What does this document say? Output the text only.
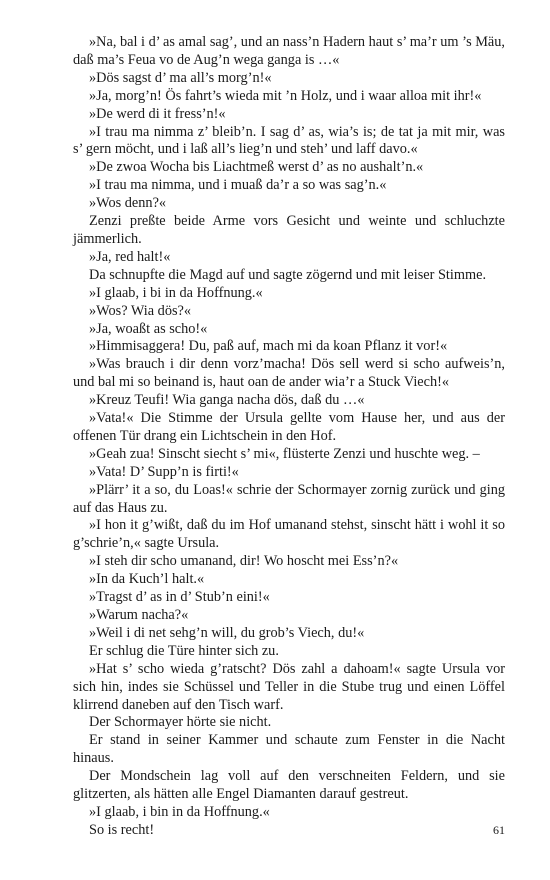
»Na, bal i d’ as amal sag’, und an nass’n Hadern haut s’ ma’r um ’s Mäu, daß ma’s Feua vo de Aug’n wega ganga is …«

»Dös sagst d’ ma all’s morg’n!«

»Ja, morg’n! Ös fahrt’s wieda mit ’n Holz, und i waar alloa mit ihr!«

»De werd di it fress’n!«

»I trau ma nimma z’ bleib’n. I sag d’ as, wia’s is; de tat ja mit mir, was s’ gern möcht, und i laß all’s lieg’n und steh’ und laff davo.«

»De zwoa Wocha bis Liachtmeß werst d’ as no aushalt’n.«

»I trau ma nimma, und i muaß da’r a so was sag’n.«

»Wos denn?«

Zenzi preßte beide Arme vors Gesicht und weinte und schluchzte jämmerlich.

»Ja, red halt!«

Da schnupfte die Magd auf und sagte zögernd und mit leiser Stimme.

»I glaab, i bi in da Hoffnung.«

»Wos? Wia dös?«

»Ja, woaßt as scho!«

»Himmisaggera! Du, paß auf, mach mi da koan Pflanz it vor!«

»Was brauch i dir denn vorz’macha! Dös sell werd si scho aufweis’n, und bal mi so beinand is, haut oan de ander wia’r a Stuck Viech!«

»Kreuz Teufi! Wia ganga nacha dös, daß du …«

»Vata!« Die Stimme der Ursula gellte vom Hause her, und aus der offenen Tür drang ein Lichtschein in den Hof.

»Geah zua! Sinscht siecht s’ mi«, flüsterte Zenzi und huschte weg. –

»Vata! D’ Supp’n is firti!«

»Plärr’ it a so, du Loas!« schrie der Schormayer zornig zurück und ging auf das Haus zu.

»I hon it g’wißt, daß du im Hof umanand stehst, sinscht hätt i wohl it so g’schrie’n,« sagte Ursula.

»I steh dir scho umanand, dir! Wo hoscht mei Ess’n?«

»In da Kuch’l halt.«

»Tragst d’ as in d’ Stub’n eini!«

»Warum nacha?«

»Weil i di net sehg’n will, du grob’s Viech, du!«

Er schlug die Türe hinter sich zu.

»Hat s’ scho wieda g’ratscht? Dös zahl a dahoam!« sagte Ursula vor sich hin, indes sie Schüssel und Teller in die Stube trug und einen Löffel klirrend daneben auf den Tisch warf.

Der Schormayer hörte sie nicht.

Er stand in seiner Kammer und schaute zum Fenster in die Nacht hinaus.

Der Mondschein lag voll auf den verschneiten Feldern, und sie glitzerten, als hätten alle Engel Diamanten darauf gestreut.

»I glaab, i bin in da Hoffnung.«

So is recht!	61
